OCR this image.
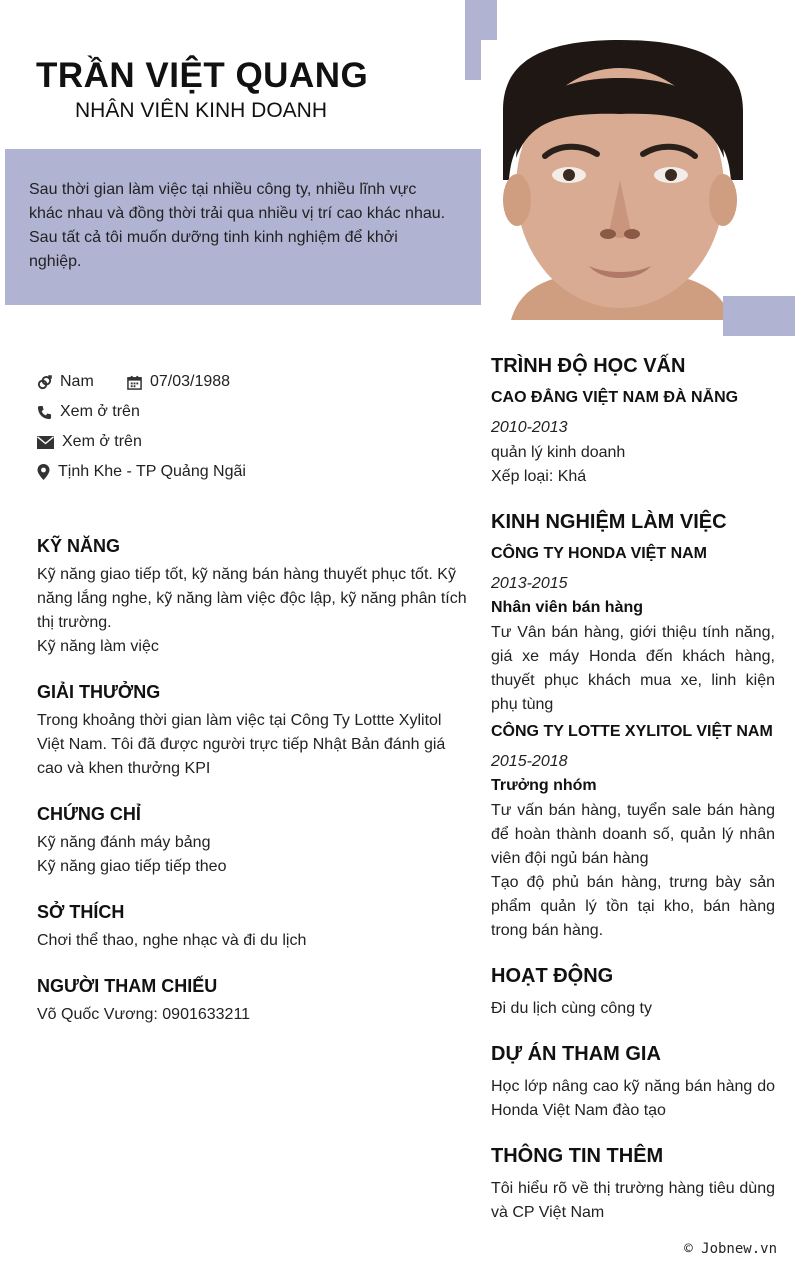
TRẦN VIỆT QUANG
NHÂN VIÊN KINH DOANH
Sau thời gian làm việc tại nhiều công ty, nhiều lĩnh vực khác nhau và đồng thời trải qua nhiều vị trí cao khác nhau. Sau tất cả tôi muốn dưỡng tinh kinh nghiệm để khởi nghiệp.
Nam	07/03/1988
Xem ở trên
Xem ở trên
Tịnh Khe - TP Quảng Ngãi
KỸ NĂNG
Kỹ năng giao tiếp tốt, kỹ năng bán hàng thuyết phục tốt. Kỹ năng lắng nghe, kỹ năng làm việc độc lập, kỹ năng phân tích thị trường.
Kỹ năng làm việc
GIẢI THƯỞNG
Trong khoảng thời gian làm việc tại Công Ty Lottte Xylitol Việt Nam. Tôi đã được người trực tiếp Nhật Bản đánh giá cao và khen thưởng KPI
CHỨNG CHỈ
Kỹ năng đánh máy bảng
Kỹ năng giao tiếp tiếp theo
SỞ THÍCH
Chơi thể thao, nghe nhạc và đi du lịch
NGƯỜI THAM CHIẾU
Võ Quốc Vương: 0901633211
TRÌNH ĐỘ HỌC VẤN
CAO ĐẲNG VIỆT NAM ĐÀ NẴNG
2010-2013
quản lý kinh doanh
Xếp loại: Khá
KINH NGHIỆM LÀM VIỆC
CÔNG TY HONDA VIỆT NAM
2013-2015
Nhân viên bán hàng
Tư Vân bán hàng, giới thiệu tính năng, giá xe máy Honda đến khách hàng, thuyết phục khách mua xe, linh kiện phụ tùng
CÔNG TY LOTTE XYLITOL VIỆT NAM
2015-2018
Trưởng nhóm
Tư vấn bán hàng, tuyển sale bán hàng để hoàn thành doanh số, quản lý nhân viên đội ngủ bán hàng
Tạo độ phủ bán hàng, trưng bày sản phẩm quản lý tồn tại kho, bán hàng trong bán hàng.
HOẠT ĐỘNG
Đi du lịch cùng công ty
DỰ ÁN THAM GIA
Học lớp nâng cao kỹ năng bán hàng do Honda Việt Nam đào tạo
THÔNG TIN THÊM
Tôi hiểu rõ về thị trường hàng tiêu dùng và CP Việt Nam
© Jobnew.vn
